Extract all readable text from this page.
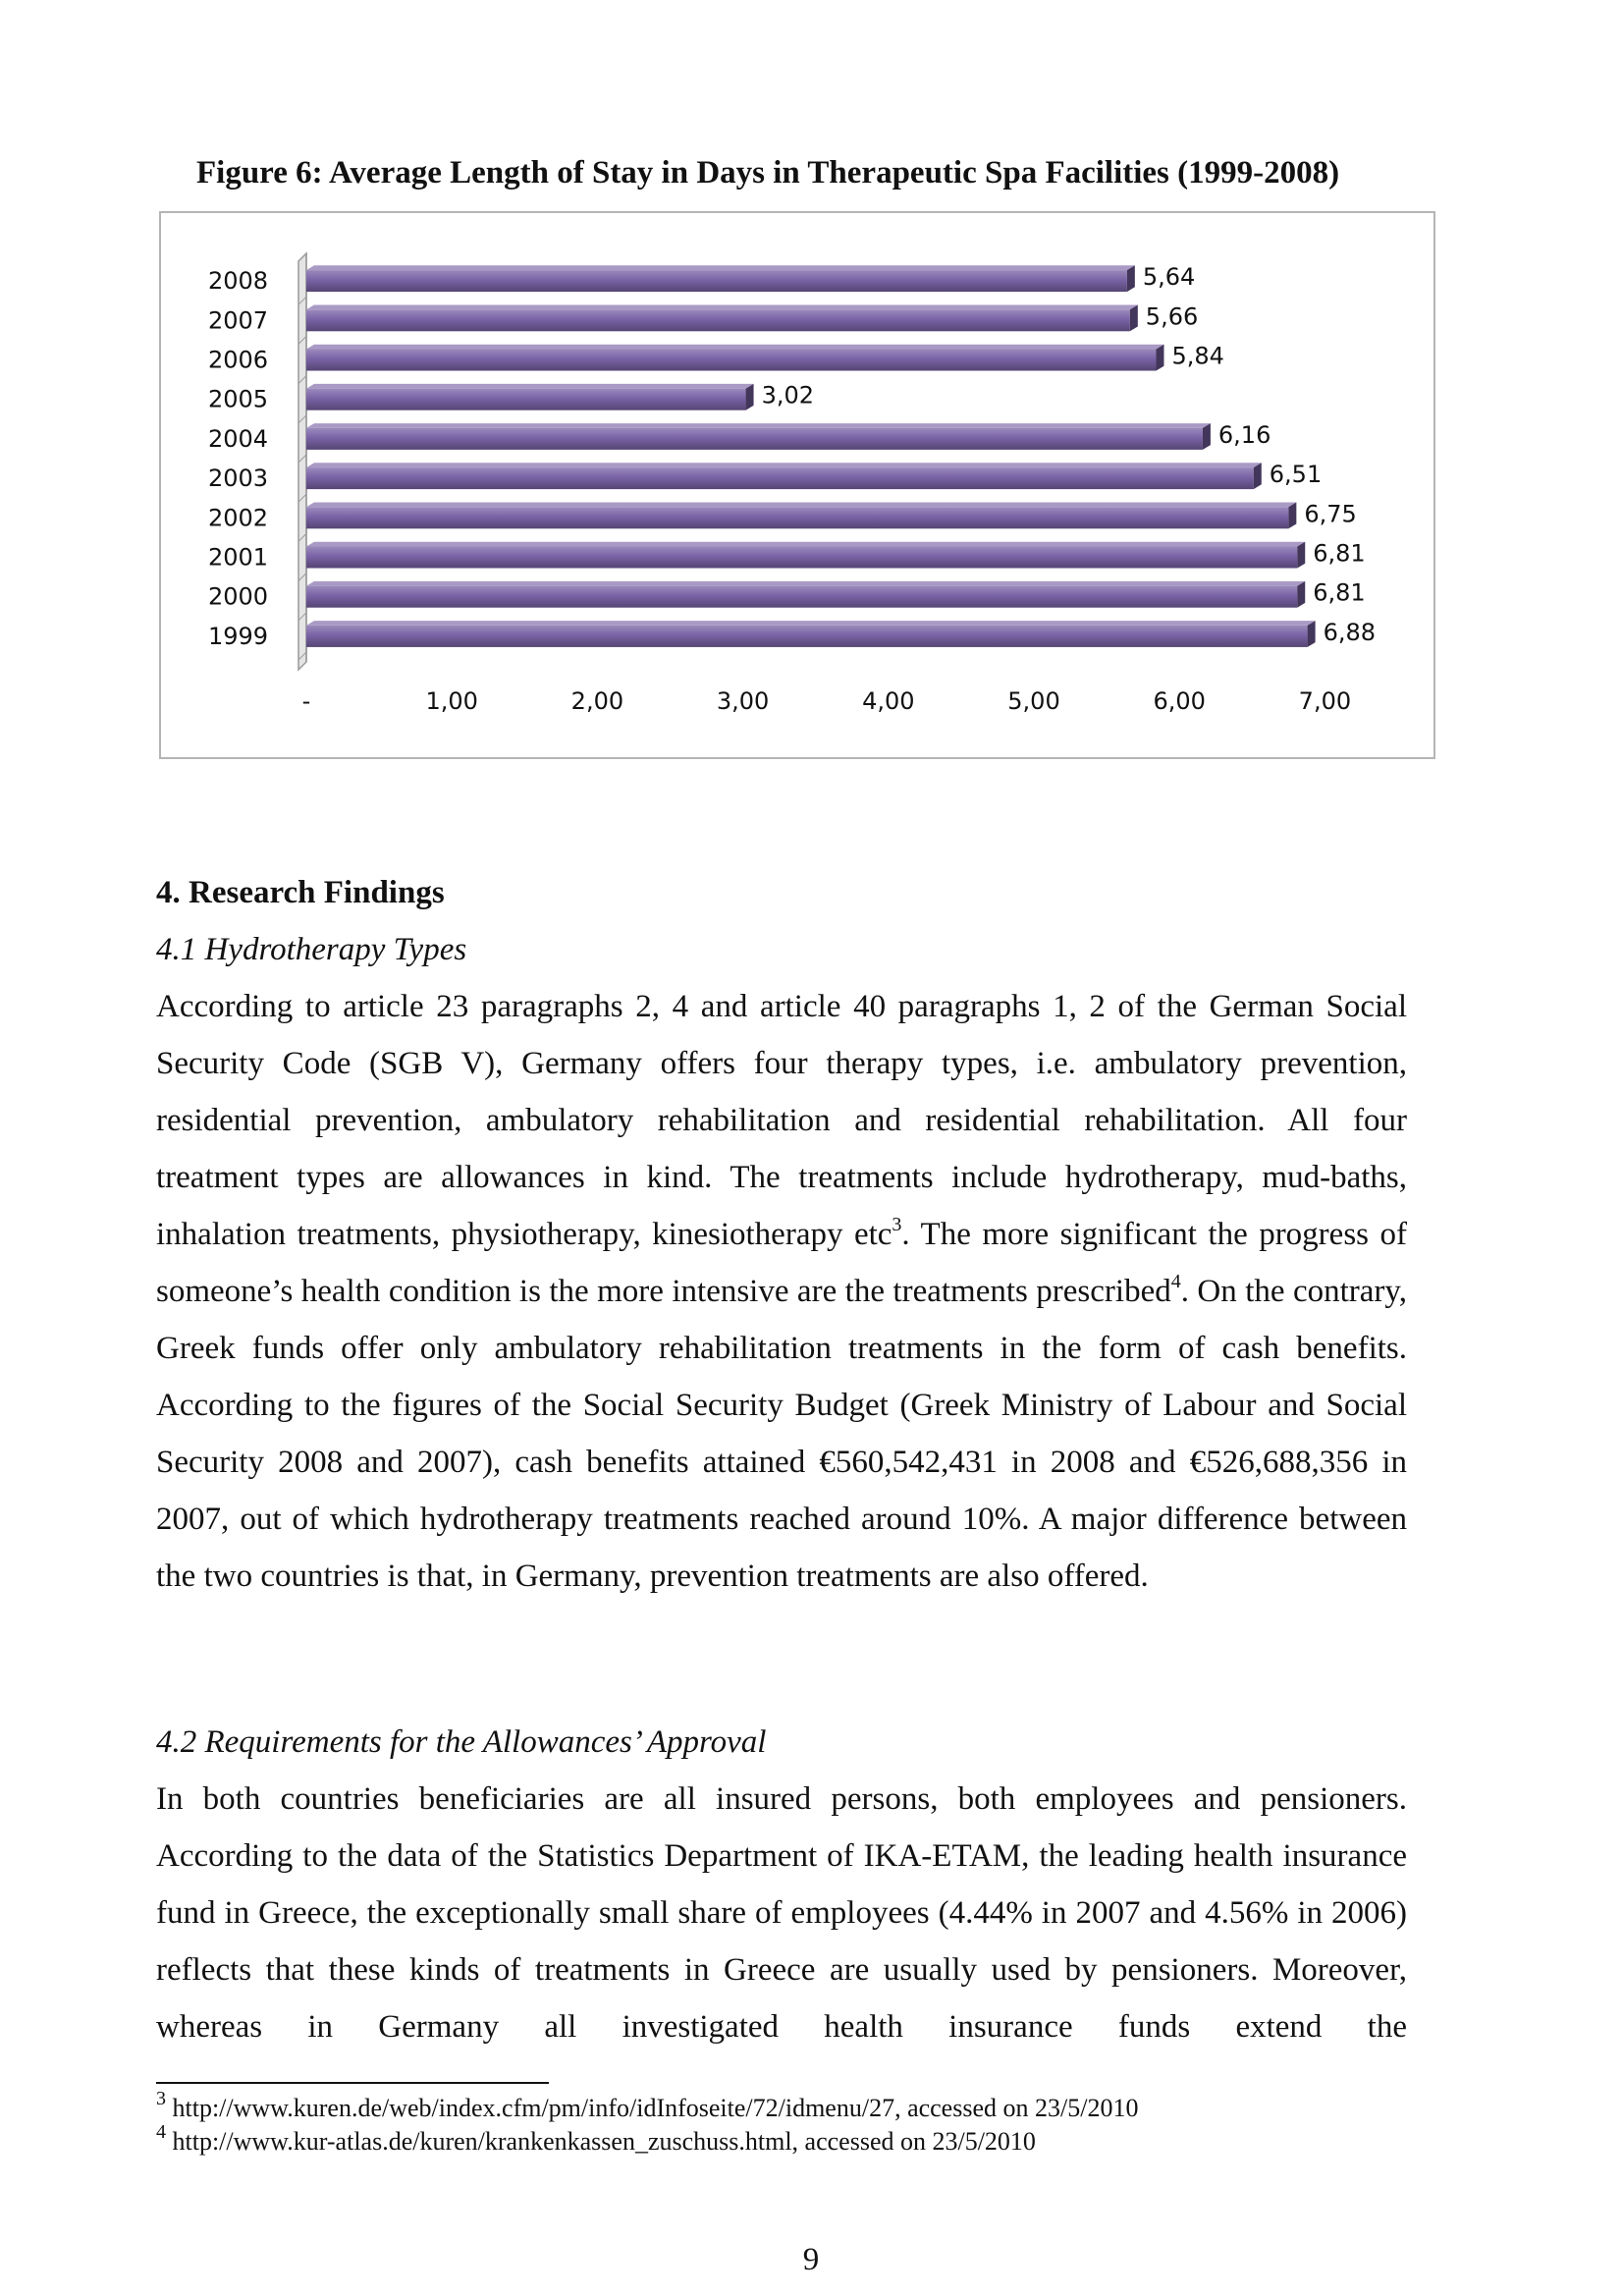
Figure 6: Average Length of Stay in Days in Therapeutic Spa Facilities (1999-2008)
2008	5,64
2007	5,66
2006	5,84
2005	3,02
2004	6,16
2003	6,51
2002	6,75
2001	6,81
2000	6,81
1999	6,88
-	1,00	2,00	3,00	4,00	5,00	6,00	7,00
4. Research Findings
4.1 Hydrotherapy Types
According to article 23 paragraphs 2, 4 and article 40 paragraphs 1, 2 of the German Social Security Code (SGB V), Germany offers four therapy types, i.e. ambulatory prevention, residential prevention, ambulatory rehabilitation and residential rehabilitation. All four treatment types are allowances in kind. The treatments include hydrotherapy, mud-baths, inhalation treatments, physiotherapy, kinesiotherapy etc$^3$. The more significant the progress of someone’s health condition is the more intensive are the treatments prescribed$^4$. On the contrary, Greek funds offer only ambulatory rehabilitation treatments in the form of cash benefits. According to the figures of the Social Security Budget (Greek Ministry of Labour and Social Security 2008 and 2007), cash benefits attained €560,542,431 in 2008 and €526,688,356 in 2007, out of which hydrotherapy treatments reached around 10%. A major difference between the two countries is that, in Germany, prevention treatments are also offered.
4.2 Requirements for the Allowances’ Approval
In both countries beneficiaries are all insured persons, both employees and pensioners. According to the data of the Statistics Department of IKA-ETAM, the leading health insurance fund in Greece, the exceptionally small share of employees (4.44% in 2007 and 4.56% in 2006) reflects that these kinds of treatments in Greece are usually used by pensioners. Moreover, whereas in Germany all investigated health insurance funds extend the
$^3$ http://www.kuren.de/web/index.cfm/pm/info/idInfoseite/72/idmenu/27, accessed on 23/5/2010
$^4$ http://www.kur-atlas.de/kuren/krankenkassen_zuschuss.html, accessed on 23/5/2010
9
